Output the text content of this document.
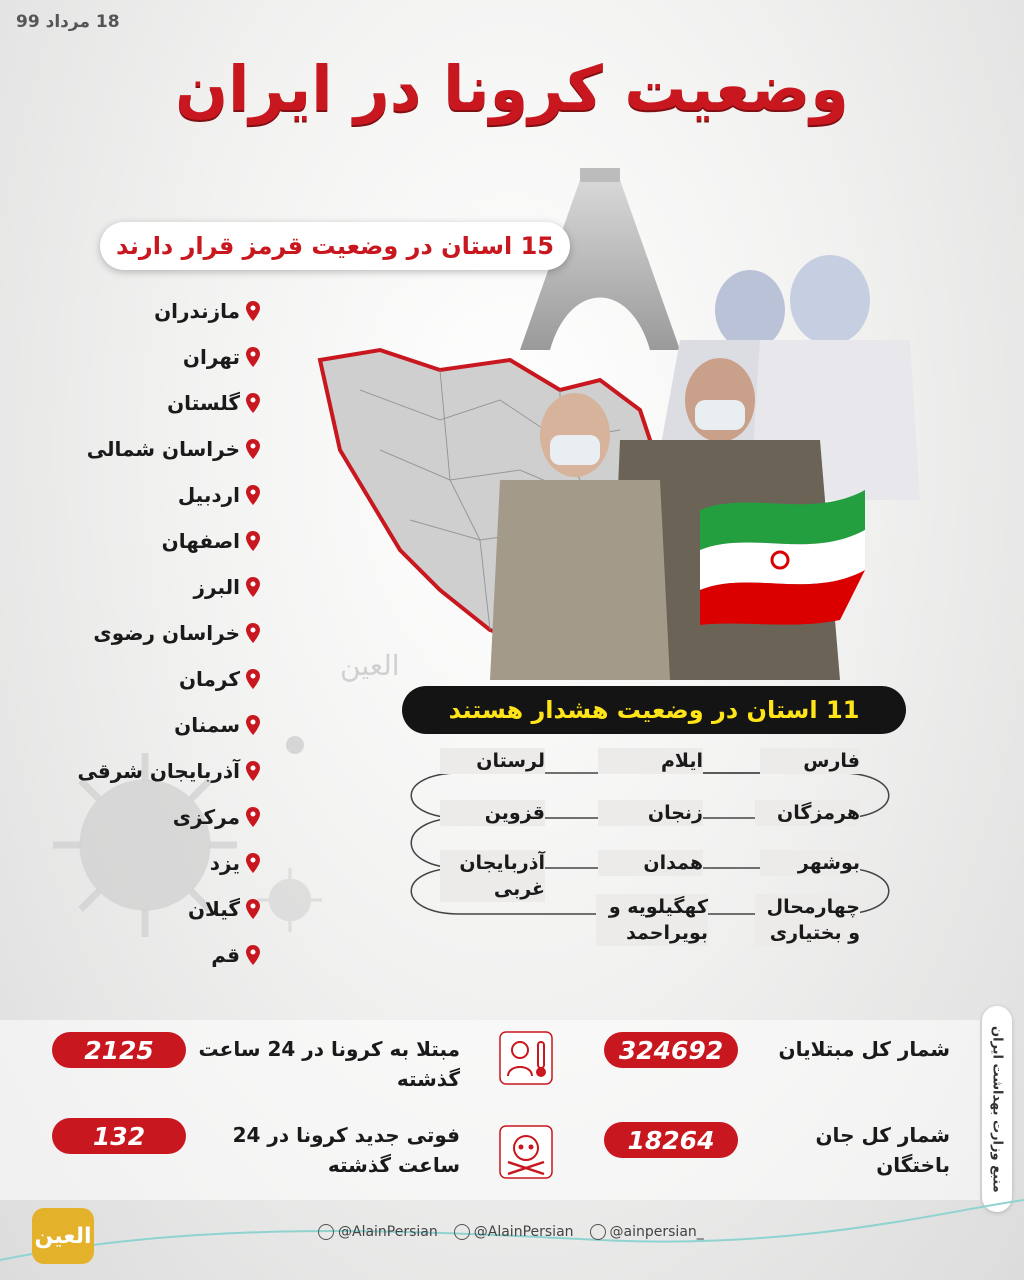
18 مرداد 99
وضعیت کرونا در ایران
العين
15 استان در وضعیت قرمز قرار دارند
مازندران
تهران
گلستان
خراسان شمالی
اردبیل
اصفهان
البرز
خراسان رضوی
کرمان
سمنان
آذربایجان شرقی
مرکزی
یزد
گیلان
قم
11 استان در وضعیت هشدار هستند
فارس
هرمزگان
بوشهر
چهارمحال و بختیاری
ایلام
زنجان
همدان
کهگیلویه و بویراحمد
لرستان
قزوین
آذربایجان غربی
شمار کل مبتلایان
324692
شمار کل جان باختگان
18264
مبتلا به کرونا در 24 ساعت گذشته
2125
فوتی جدید کرونا در 24 ساعت گذشته
132	منبع وزارت بهداشت ایران
العين	@AlainPersian	@AlainPersian	@ainpersian_
